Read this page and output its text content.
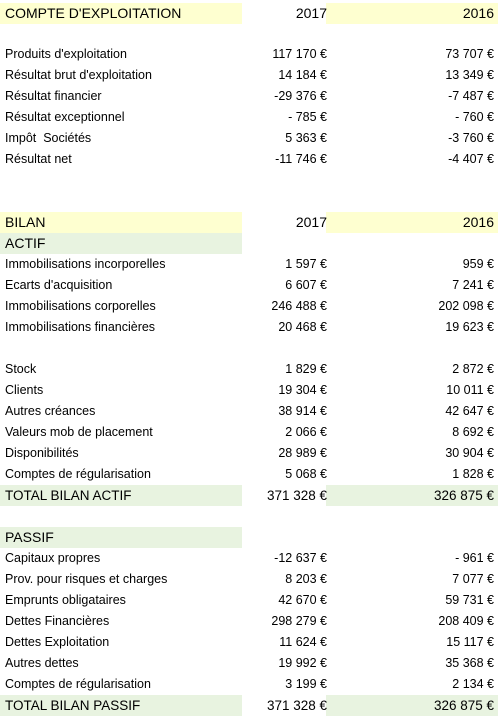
COMPTE D'EXPLOITATION	2017	2016
Produits d'exploitation	117 170 €	73 707 €
Résultat brut d'exploitation	14 184 €	13 349 €
Résultat financier	-29 376 €	-7 487 €
Résultat exceptionnel	- 785 €	- 760 €
Impôt  Sociétés	5 363 €	-3 760 €
Résultat net	-11 746 €	-4 407 €
BILAN	2017	2016
ACTIF
Immobilisations incorporelles	1 597 €	959 €
Ecarts d'acquisition	6 607 €	7 241 €
Immobilisations corporelles	246 488 €	202 098 €
Immobilisations financières	20 468 €	19 623 €
Stock	1 829 €	2 872 €
Clients	19 304 €	10 011 €
Autres créances	38 914 €	42 647 €
Valeurs mob de placement	2 066 €	8 692 €
Disponibilités	28 989 €	30 904 €
Comptes de régularisation	5 068 €	1 828 €
TOTAL BILAN ACTIF	371 328 €	326 875 €
PASSIF
Capitaux propres	-12 637 €	- 961 €
Prov. pour risques et charges	8 203 €	7 077 €
Emprunts obligataires	42 670 €	59 731 €
Dettes Financières	298 279 €	208 409 €
Dettes Exploitation	11 624 €	15 117 €
Autres dettes	19 992 €	35 368 €
Comptes de régularisation	3 199 €	2 134 €
TOTAL BILAN PASSIF	371 328 €	326 875 €
